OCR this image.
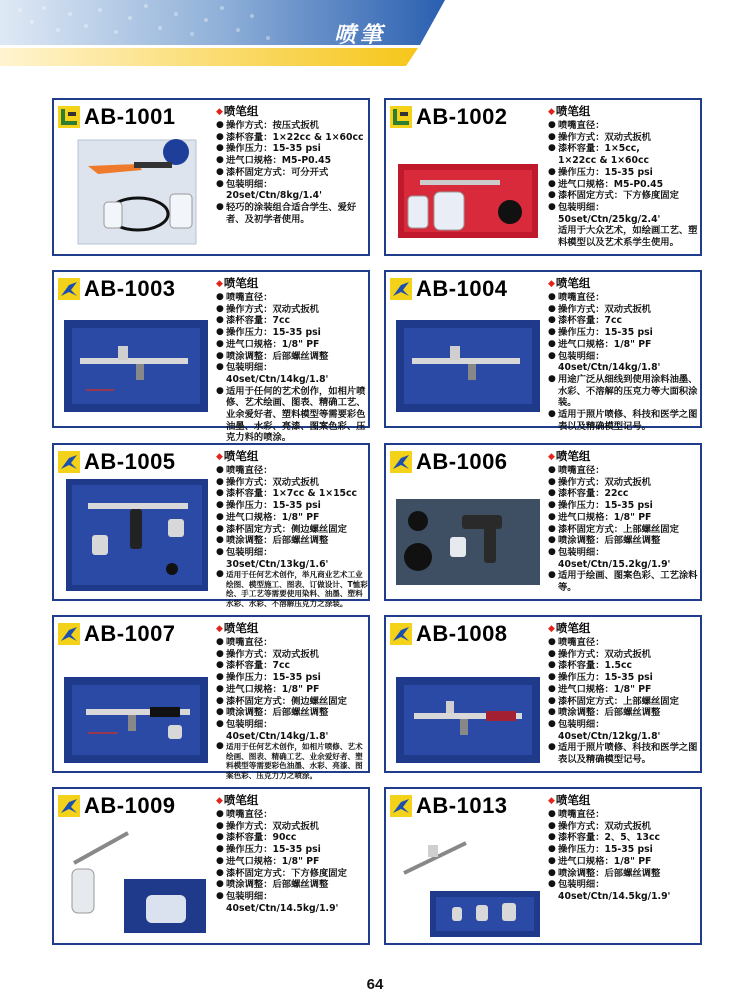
喷筆
AB-1001	◆ 喷笔组
● 操作方式：按压式扳机
● 漆杯容量：1×22cc & 1×60cc
● 操作压力：15-35 psi
● 进气口规格：M5-P0.45
● 漆杯固定方式：可分开式
● 包装明细：20set/Ctn/8kg/1.4'
● 轻巧的涂装组合适合学生、爱好者、及初学者使用。
AB-1002	◆ 喷笔组
● 喷嘴直径：
● 操作方式：双动式扳机
● 漆杯容量：1×5cc,
1×22cc & 1×60cc
● 操作压力：15-35 psi
● 进气口规格：M5-P0.45
● 漆杯固定方式：下方修度固定
● 包装明细：50set/Ctn/25kg/2.4'
适用于大众艺术，如绘画工艺、塑料模型以及艺术系学生使用。
AB-1003	◆ 喷笔组
● 喷嘴直径：
● 操作方式：双动式扳机
● 漆杯容量：7cc
● 操作压力：15-35 psi
● 进气口规格：1/8" PF
● 喷涂调整：后部螺丝调整
● 包装明细：40set/Ctn/14kg/1.8'
● 适用于任何的艺术创作，如相片喷修、艺术绘画、图表、精确工艺、业余爱好者、塑料模型等需要彩色油墨、水彩、亮漆、图案色彩、压克力料的喷涂。
AB-1004	◆ 喷笔组
● 喷嘴直径：
● 操作方式：双动式扳机
● 漆杯容量：7cc
● 操作压力：15-35 psi
● 进气口规格：1/8" PF
● 包装明细：40set/Ctn/14kg/1.8'
● 用途广泛从细线到使用涂料油墨、水彩、不溶解的压克力等大面积涂装。
● 适用于照片喷修、科技和医学之图表以及精确模型记号。
AB-1005	◆ 喷笔组
● 喷嘴直径：
● 操作方式：双动式扳机
● 漆杯容量：1×7cc & 1×15cc
● 操作压力：15-35 psi
● 进气口规格：1/8" PF
● 漆杯固定方式：侧边螺丝固定
● 喷涂调整：后部螺丝调整
● 包装明细：30set/Ctn/13kg/1.6'
● 适用于任何艺术创作，举凡商业艺术工业绘图、模型施工、图表、订做设计、T恤彩绘、手工艺等需要使用染料、油墨、塑料水彩、水彩、不溶解压克力之涂装。
AB-1006	◆ 喷笔组
● 喷嘴直径：
● 操作方式：双动式扳机
● 漆杯容量：22cc
● 操作压力：15-35 psi
● 进气口规格：1/8" PF
● 漆杯固定方式：上部螺丝固定
● 喷涂调整：后部螺丝调整
● 包装明细：40set/Ctn/15.2kg/1.9'
● 适用于绘画、图案色彩、工艺涂料等。
AB-1007	◆ 喷笔组
● 喷嘴直径：
● 操作方式：双动式扳机
● 漆杯容量：7cc
● 操作压力：15-35 psi
● 进气口规格：1/8" PF
● 漆杯固定方式：侧边螺丝固定
● 喷涂调整：后部螺丝调整
● 包装明细：40set/Ctn/14kg/1.8'
● 适用于任何艺术创作，如相片喷修、艺术绘画、图表、精确工艺、业余爱好者、塑料模型等需要彩色油墨、水彩、亮漆、图案色彩、压克力力之喷涂。
AB-1008	◆ 喷笔组
● 喷嘴直径：
● 操作方式：双动式扳机
● 漆杯容量：1.5cc
● 操作压力：15-35 psi
● 进气口规格：1/8" PF
● 漆杯固定方式：上部螺丝固定
● 喷涂调整：后部螺丝调整
● 包装明细：40set/Ctn/12kg/1.8'
● 适用于照片喷修、科技和医学之图表以及精确模型记号。
AB-1009	◆ 喷笔组
● 喷嘴直径：
● 操作方式：双动式扳机
● 漆杯容量：90cc
● 操作压力：15-35 psi
● 进气口规格：1/8" PF
● 漆杯固定方式：下方修度固定
● 喷涂调整：后部螺丝调整
● 包装明细：40set/Ctn/14.5kg/1.9'
AB-1013	◆ 喷笔组
● 喷嘴直径：
● 操作方式：双动式扳机
● 漆杯容量：2、5、13cc
● 操作压力：15-35 psi
● 进气口规格：1/8" PF
● 喷涂调整：后部螺丝调整
● 包装明细：40set/Ctn/14.5kg/1.9'
64
